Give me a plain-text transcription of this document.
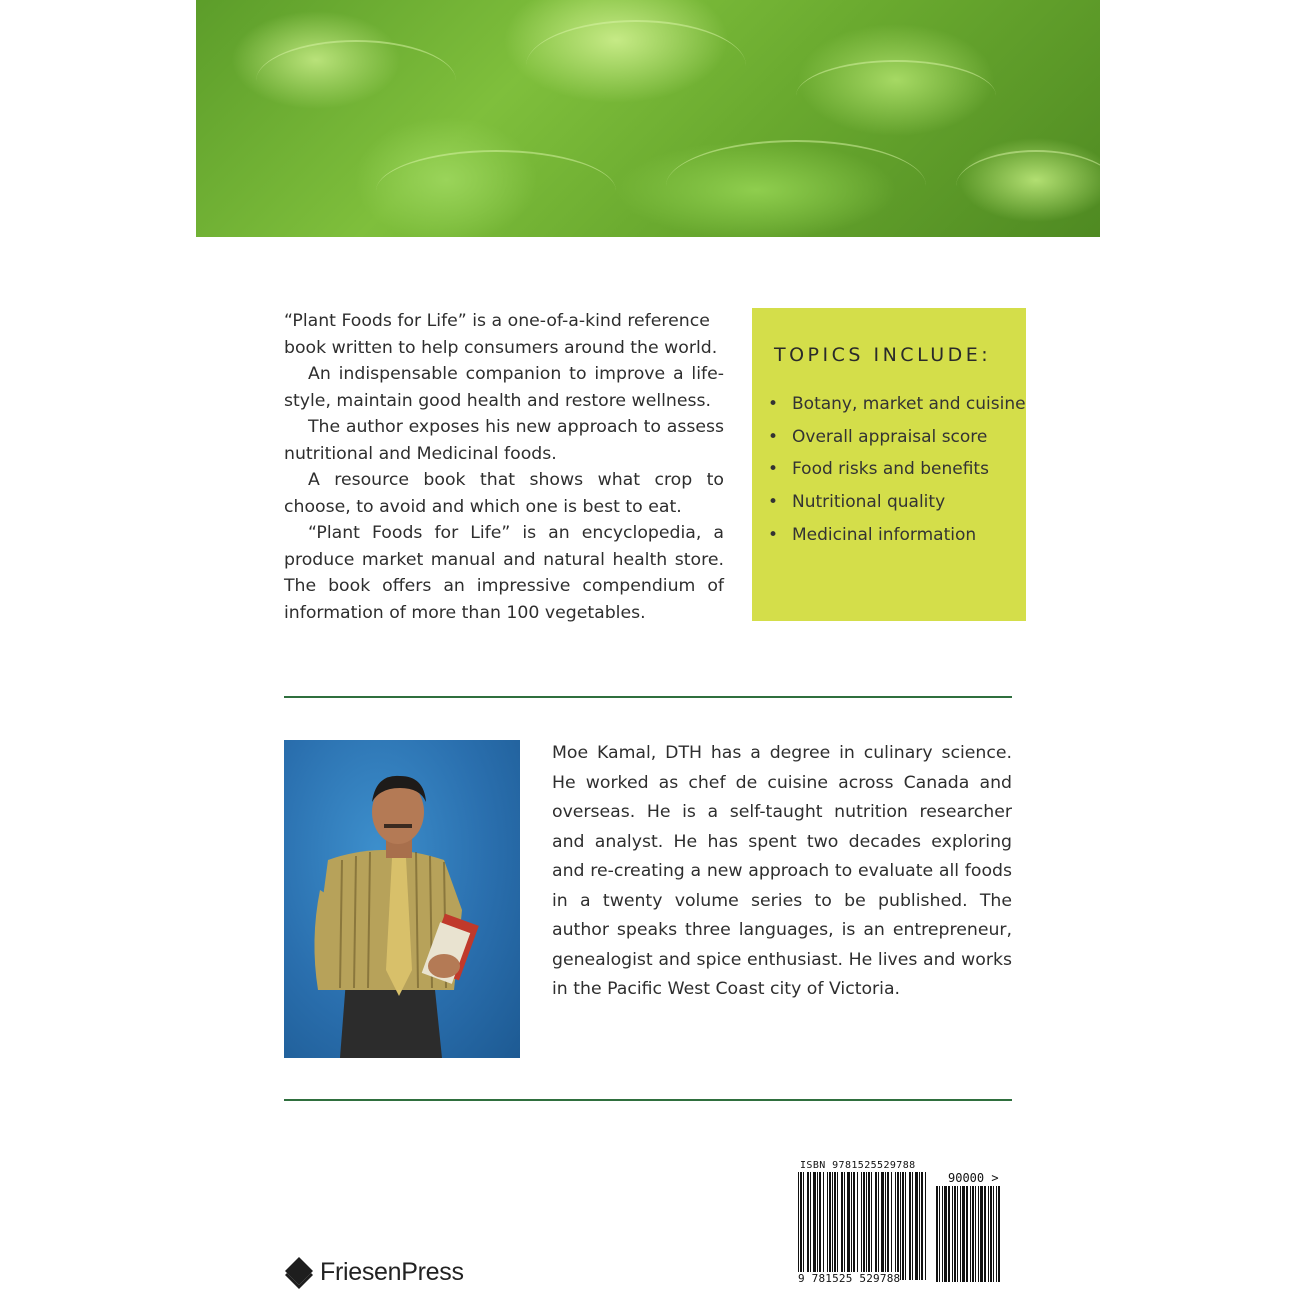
“Plant Foods for Life” is a one-of-a-kind reference book written to help consumers around the world.

An indispensable companion to improve a life-style, maintain good health and restore wellness.

The author exposes his new approach to assess nutritional and Medicinal foods.

A resource book that shows what crop to choose, to avoid and which one is best to eat.

“Plant Foods for Life” is an encyclopedia, a produce market manual and natural health store. The book offers an impressive compendium of information of more than 100 vegetables.

TOPICS INCLUDE:
• Botany, market and cuisine
• Overall appraisal score
• Food risks and benefits
• Nutritional quality
• Medicinal information

Moe Kamal, DTH has a degree in culinary science. He worked as chef de cuisine across Canada and overseas. He is a self-taught nutrition researcher and analyst. He has spent two decades exploring and re-creating a new approach to evaluate all foods in a twenty volume series to be published. The author speaks three languages, is an entrepreneur, genealogist and spice enthusiast. He lives and works in the Pacific West Coast city of Victoria.

FriesenPress
ISBN 9781525529788
9 781525 529788
90000 >
